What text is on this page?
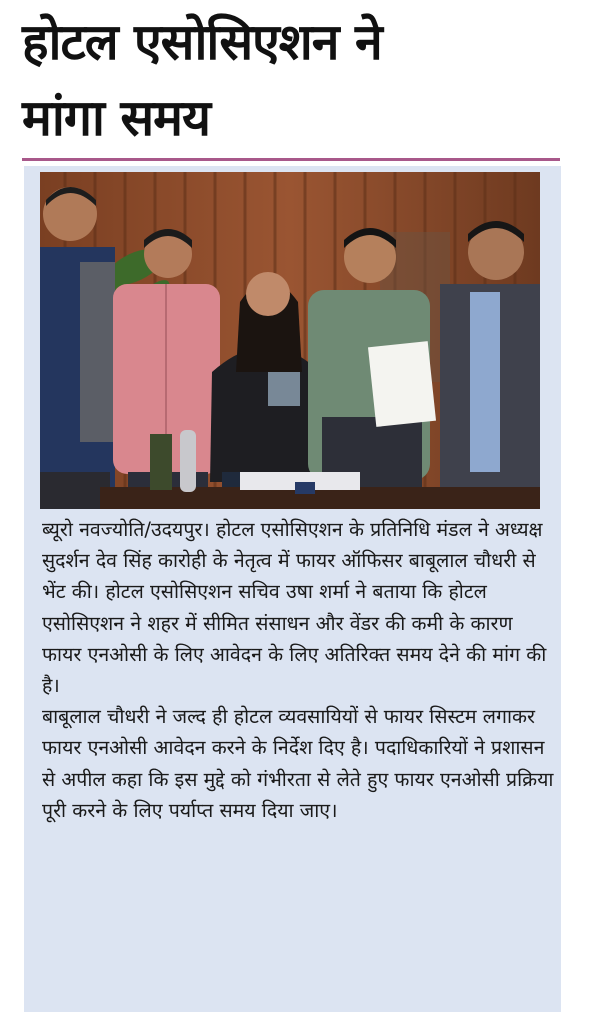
होटल एसोसिएशन ने
मांगा समय

ब्यूरो नवज्योति/उदयपुर। होटल एसोसिएशन के प्रतिनिधि मंडल ने अध्यक्ष सुदर्शन देव सिंह कारोही के नेतृत्व में फायर ऑफिसर बाबूलाल चौधरी से भेंट की। होटल एसोसिएशन सचिव उषा शर्मा ने बताया कि होटल एसोसिएशन ने शहर में सीमित संसाधन और वेंडर की कमी के कारण फायर एनओसी के लिए आवेदन के लिए अतिरिक्त समय देने की मांग की है।

बाबूलाल चौधरी ने जल्द ही होटल व्यवसायियों से फायर सिस्टम लगाकर फायर एनओसी आवेदन करने के निर्देश दिए है। पदाधिकारियों ने प्रशासन से अपील कहा कि इस मुद्दे को गंभीरता से लेते हुए फायर एनओसी प्रक्रिया पूरी करने के लिए पर्याप्त समय दिया जाए।
